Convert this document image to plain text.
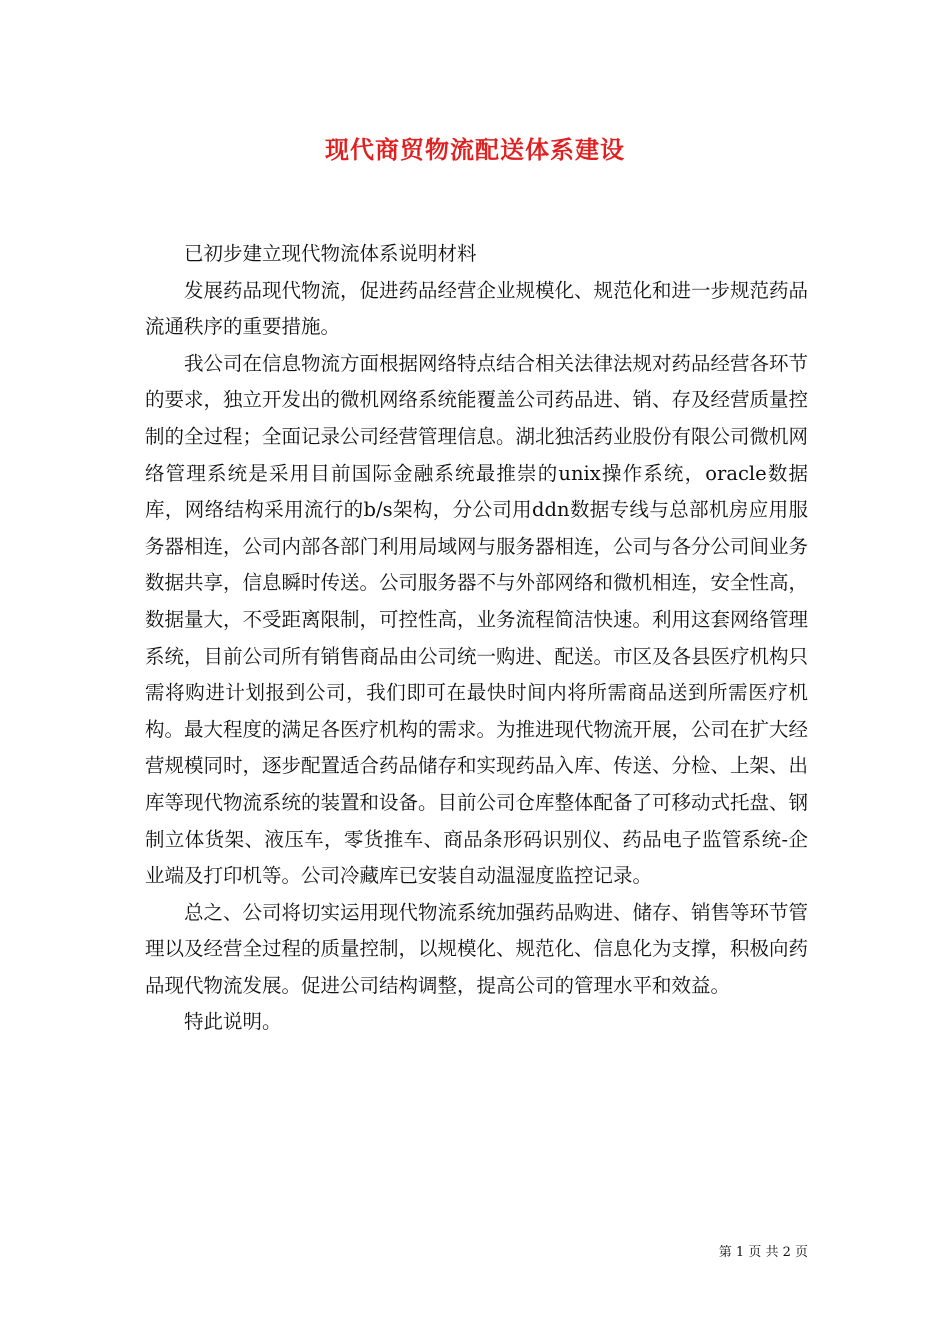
现代商贸物流配送体系建设

已初步建立现代物流体系说明材料

发展药品现代物流，促进药品经营企业规模化、规范化和进一步规范药品流通秩序的重要措施。

我公司在信息物流方面根据网络特点结合相关法律法规对药品经营各环节的要求，独立开发出的微机网络系统能覆盖公司药品进、销、存及经营质量控制的全过程；全面记录公司经营管理信息。湖北独活药业股份有限公司微机网络管理系统是采用目前国际金融系统最推崇的unix操作系统，oracle数据库，网络结构采用流行的b/s架构，分公司用ddn数据专线与总部机房应用服务器相连，公司内部各部门利用局域网与服务器相连，公司与各分公司间业务数据共享，信息瞬时传送。公司服务器不与外部网络和微机相连，安全性高，数据量大，不受距离限制，可控性高，业务流程简洁快速。利用这套网络管理系统，目前公司所有销售商品由公司统一购进、配送。市区及各县医疗机构只需将购进计划报到公司，我们即可在最快时间内将所需商品送到所需医疗机构。最大程度的满足各医疗机构的需求。为推进现代物流开展，公司在扩大经营规模同时，逐步配置适合药品储存和实现药品入库、传送、分检、上架、出库等现代物流系统的装置和设备。目前公司仓库整体配备了可移动式托盘、钢制立体货架、液压车，零货推车、商品条形码识别仪、药品电子监管系统-企业端及打印机等。公司冷藏库已安装自动温湿度监控记录。

总之、公司将切实运用现代物流系统加强药品购进、储存、销售等环节管理以及经营全过程的质量控制，以规模化、规范化、信息化为支撑，积极向药品现代物流发展。促进公司结构调整，提高公司的管理水平和效益。

特此说明。

第 1 页 共 2 页
